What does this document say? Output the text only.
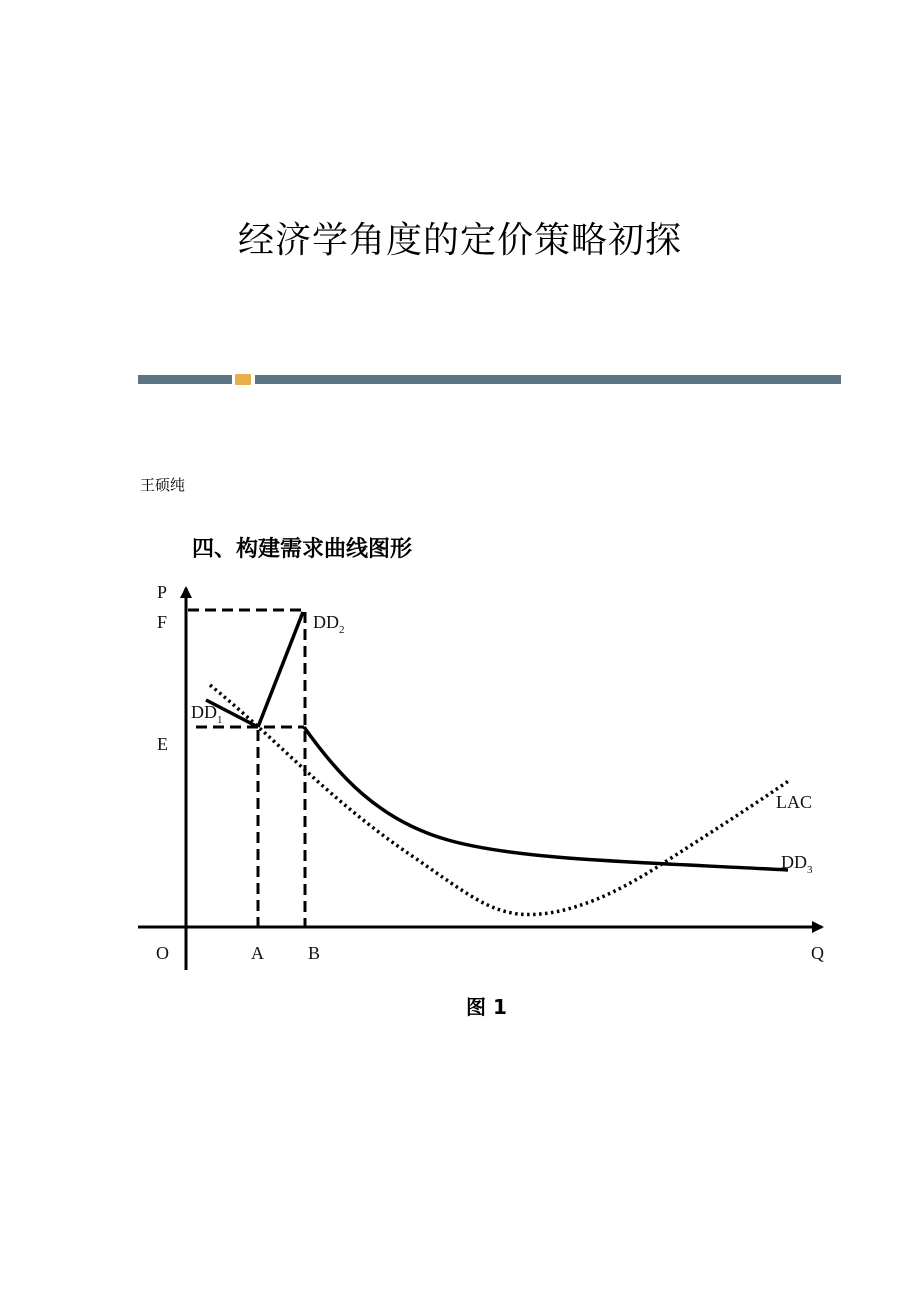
经济学角度的定价策略初探

王硕纯

四、构建需求曲线图形

P
Q
O
F
E
A B
$DD_1$
$DD_2$
$DD_3$
LAC

图 1
